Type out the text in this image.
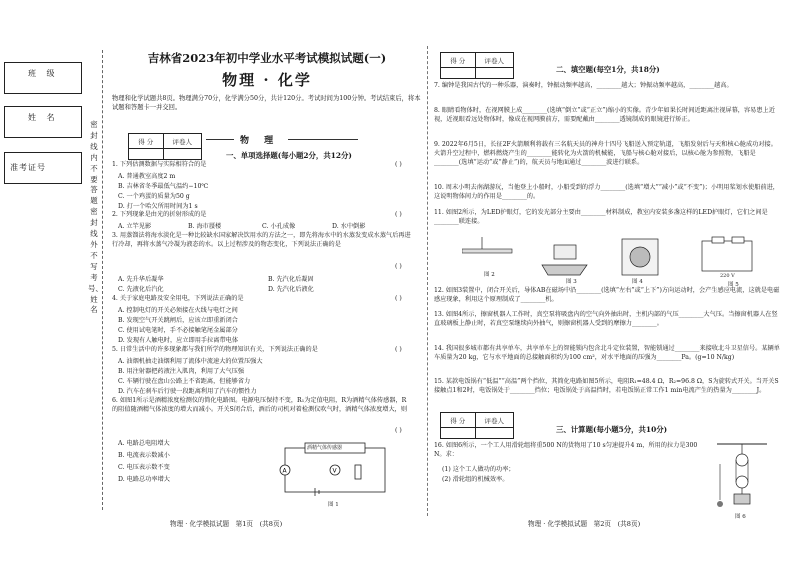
班 级
姓 名
准考证号
密封线内不要答题密封线外不写考号、姓名
吉林省2023年初中学业水平考试模拟试题(一)
物理 · 化学
物理和化学试题共8页。物理满分70分，化学满分50分，共计120分。考试时间为100分钟。考试结束后，将本试题和答题卡一并交回。
得 分	评卷人	物 理
一、单项选择题(每小题2分，共12分)
1. 下列估测数据与实际相符合的是	( )
A. 普通教室高度2 m
B. 吉林省冬季最低气温约−10℃
C. 一个鸡蛋的质量为50 g
D. 打一个哈欠所用时间为1 s
2. 下列现象是由光的折射形成的是	( )
A. 立竿见影	B. 海市蜃楼	C. 小孔成像	D. 水中倒影
3. 用蒸馏法将海水淡化是一种比较缺水国家解决饮用水的方法之一，即先将海水中的水蒸发变成水蒸气后再进行冷却，再将水蒸气冷凝为液态的水。以上过程涉及的物态变化，下列说法正确的是
( )
A. 先升华后凝华	B. 先汽化后凝固
C. 先液化后汽化	D. 先汽化后液化
4. 关于家庭电路及安全用电，下列说法正确的是	( )
A. 控制电灯的开关必须接在火线与电灯之间
B. 发现空气开关跳闸后，应该立即重新闭合
C. 使用试电笔时，手不必接触笔尾金属部分
D. 发现有人触电时，应立即用手拉离带电体
5. 日常生活中的许多现象都与我们所学的物理知识有关，下列说法正确的是	( )
A. 油烟机抽走油烟利用了流体中流速大的位置压强大
B. 用注射器把药液注入肌肉，利用了大气压强
C. 车辆行驶在盘山公路上不省距离，但能够省力
D. 汽车在刹车后行驶一段距离利用了汽车的惯性力
6. 如图1所示是酒精浓度检测仪的简化电路图。电源电压保持不变，R₁为定值电阻，R为酒精气体传感器，R的阻值随酒精气体浓度的增大而减小。开关S闭合后，酒后的司机对着检测仪吹气时，酒精气体浓度增大，则
( )
A. 电路总电阻增大
B. 电流表示数减小
C. 电压表示数不变
D. 电路总功率增大
A	V
酒精气体传感器
图 1
物理 · 化学模拟试题　第1页　(共8页)
得 分	评卷人
二、填空题(每空1分，共18分)
7. 编钟是我国古代的一种乐器，演奏时，钟振动频率越高，________越大；钟振动频率越高，________越高。
8. 眼睛看物体时，在视网膜上成________(选填“倒立”或“正立”)缩小的实像。青少年如果长时间近距离注视屏幕，容易患上近视，近视眼看远处物体时，像成在视网膜前方，需要配戴由________透镜制成的眼镜进行矫正。
9. 2022年6月5日，长征2F火箭顺利将载有三名航天员的神舟十四号飞船送入预定轨道，飞船发射后与天和核心舱成功对接。火箭升空过程中，燃料燃烧产生的________能转化为火箭的机械能，飞船与核心舱对接后，以核心舱为参照物，飞船是________(选填“运动”或“静止”)的，航天员与地面通过________波进行联系。
10. 周末小明去南湖游玩，当他登上小船时，小船受到的浮力________(选填“增大”“减小”或“不变”)；小明用桨划水使船前进，这说明物体间力的作用是________的。
11. 如图2所示，为LED护眼灯，它的发光部分主要由________材料制成，教室内安装多盏这样的LED护眼灯，它们之间是________联连接。
图 2
图 3	图 4
220 V
图 5
12. 如图3装置中，闭合开关后，导体AB在磁场中沿________(选填“左右”或“上下”)方向运动时，会产生感应电流，这就是电磁感应现象，利用这个原理制成了________机。
13. 如图4所示，擦窗机器人工作时，真空泵将吸盘内的空气向外抽出时，主机内部的气压________大气压。当擦窗机器人在竖直玻璃板上静止时，若真空泵继续向外抽气，则擦窗机器人受到的摩擦力________。
14. 我国很多城市都有共享单车，共享单车上的智能锁内包含北斗定位装置，智能锁通过________来接收北斗卫星信号。某辆单车质量为20 kg，它与水平地面的总接触面积约为100 cm²，对水平地面的压强为________Pa。(g=10 N/kg)
15. 某款电饭锅有“低温”“高温”两个挡位，其简化电路如图5所示，电阻R₁=48.4 Ω，R₂=96.8 Ω，S为旋转式开关。当开关S接触点1和2时，电饭锅处于________挡位；电饭锅处于高温挡时，若电饭锅正常工作1 min电流产生的热量为________J。
得 分	评卷人
三、计算题(每小题5分，共10分)
16. 如图6所示，一个工人用滑轮组将重500 N的货物用了10 s匀速提升4 m，所用的拉力是300 N。求：
(1) 这个工人做功的功率；
(2) 滑轮组的机械效率。
图 6
物理 · 化学模拟试题　第2页　(共8页)
